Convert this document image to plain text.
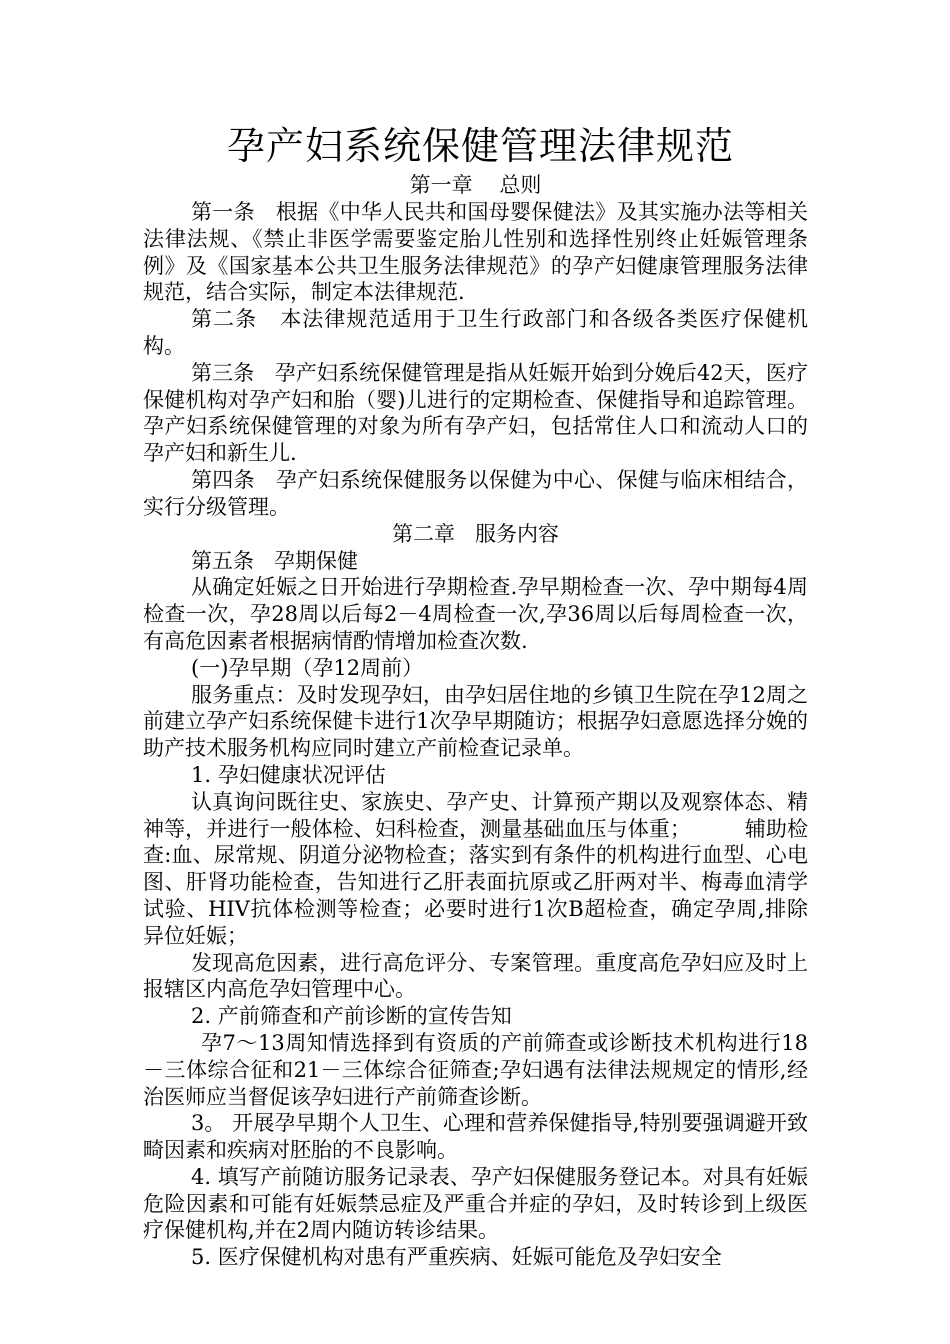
孕产妇系统保健管理法律规范

第一章    总则

第一条   根据《中华人民共和国母婴保健法》及其实施办法等相关法律法规、《禁止非医学需要鉴定胎儿性别和选择性别终止妊娠管理条例》及《国家基本公共卫生服务法律规范》的孕产妇健康管理服务法律规范，结合实际，制定本法律规范.

第二条   本法律规范适用于卫生行政部门和各级各类医疗保健机构。

第三条   孕产妇系统保健管理是指从妊娠开始到分娩后42天，医疗保健机构对孕产妇和胎（婴)儿进行的定期检查、保健指导和追踪管理。孕产妇系统保健管理的对象为所有孕产妇，包括常住人口和流动人口的孕产妇和新生儿.

第四条   孕产妇系统保健服务以保健为中心、保健与临床相结合，实行分级管理。

第二章   服务内容

第五条   孕期保健

从确定妊娠之日开始进行孕期检查.孕早期检查一次、孕中期每4周检查一次，孕28周以后每2－4周检查一次,孕36周以后每周检查一次，有高危因素者根据病情酌情增加检查次数.

(一)孕早期（孕12周前）

服务重点：及时发现孕妇，由孕妇居住地的乡镇卫生院在孕12周之前建立孕产妇系统保健卡进行1次孕早期随访；根据孕妇意愿选择分娩的助产技术服务机构应同时建立产前检查记录单。

1. 孕妇健康状况评估

认真询问既往史、家族史、孕产史、计算预产期以及观察体态、精神等，并进行一般体检、妇科检查，测量基础血压与体重；        辅助检查:血、尿常规、阴道分泌物检查；落实到有条件的机构进行血型、心电图、肝肾功能检查，告知进行乙肝表面抗原或乙肝两对半、梅毒血清学试验、HIV抗体检测等检查；必要时进行1次B超检查，确定孕周,排除异位妊娠；

发现高危因素，进行高危评分、专案管理。重度高危孕妇应及时上报辖区内高危孕妇管理中心。

2. 产前筛查和产前诊断的宣传告知

孕7～13周知情选择到有资质的产前筛查或诊断技术机构进行18－三体综合征和21－三体综合征筛查;孕妇遇有法律法规规定的情形,经治医师应当督促该孕妇进行产前筛查诊断。

3。 开展孕早期个人卫生、心理和营养保健指导,特别要强调避开致畸因素和疾病对胚胎的不良影响。

4. 填写产前随访服务记录表、孕产妇保健服务登记本。对具有妊娠危险因素和可能有妊娠禁忌症及严重合并症的孕妇，及时转诊到上级医疗保健机构,并在2周内随访转诊结果。

5. 医疗保健机构对患有严重疾病、妊娠可能危及孕妇安全
